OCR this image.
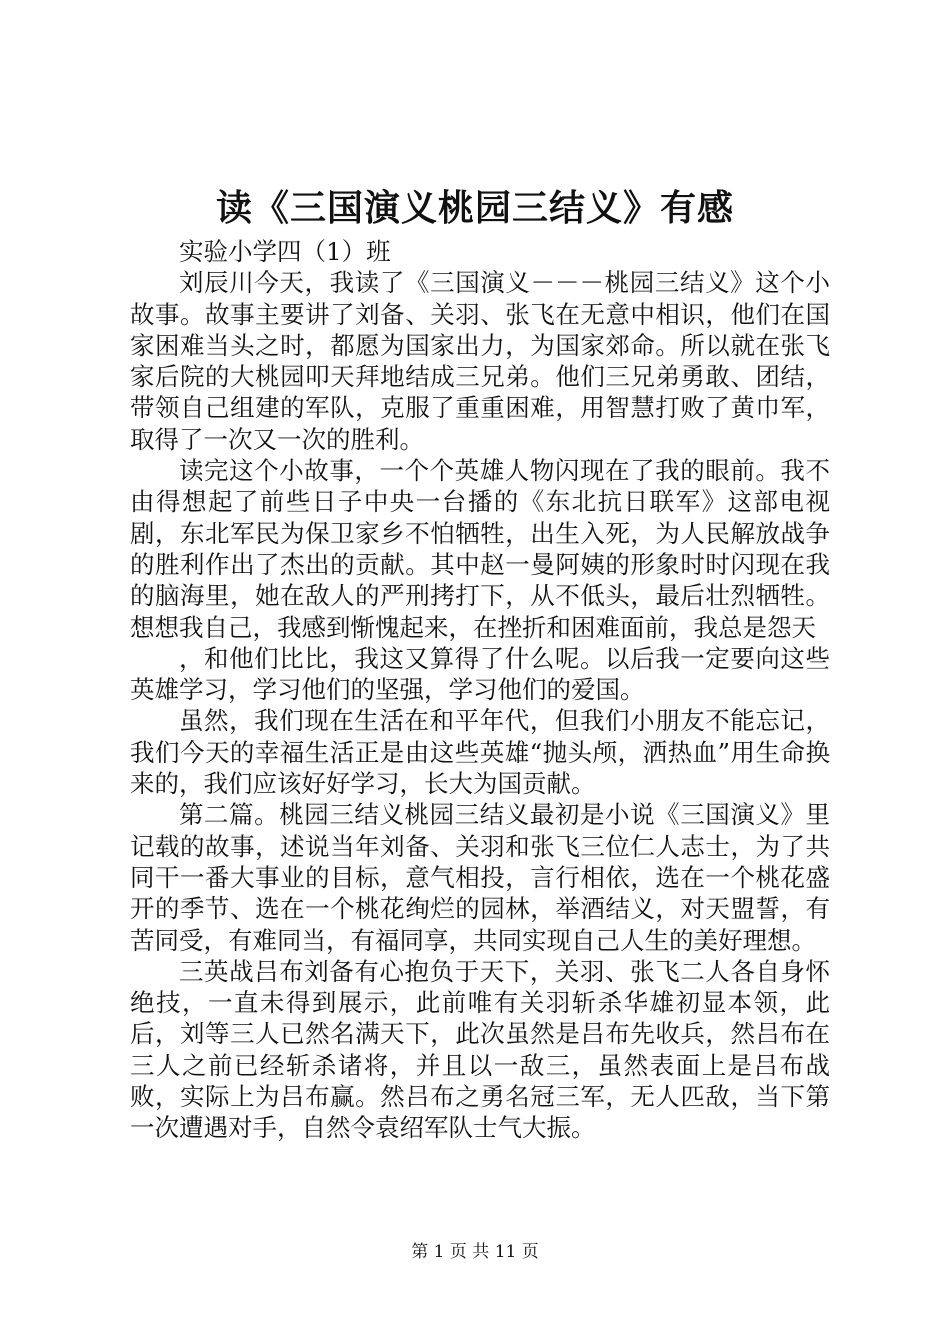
读《三国演义桃园三结义》有感

实验小学四（1）班

刘辰川今天，我读了《三国演义－－－桃园三结义》这个小故事。故事主要讲了刘备、关羽、张飞在无意中相识，他们在国家困难当头之时，都愿为国家出力，为国家郊命。所以就在张飞家后院的大桃园叩天拜地结成三兄弟。他们三兄弟勇敢、团结，带领自己组建的军队，克服了重重困难，用智慧打败了黄巾军，取得了一次又一次的胜利。

读完这个小故事，一个个英雄人物闪现在了我的眼前。我不由得想起了前些日子中央一台播的《东北抗日联军》这部电视剧，东北军民为保卫家乡不怕牺牲，出生入死，为人民解放战争的胜利作出了杰出的贡献。其中赵一曼阿姨的形象时时闪现在我的脑海里，她在敌人的严刑拷打下，从不低头，最后壮烈牺牲。想想我自己，我感到惭愧起来，在挫折和困难面前，我总是怨天

，和他们比比，我这又算得了什么呢。以后我一定要向这些英雄学习，学习他们的坚强，学习他们的爱国。

虽然，我们现在生活在和平年代，但我们小朋友不能忘记，我们今天的幸福生活正是由这些英雄“抛头颅，洒热血”用生命换来的，我们应该好好学习，长大为国贡献。

第二篇。桃园三结义桃园三结义最初是小说《三国演义》里记载的故事，述说当年刘备、关羽和张飞三位仁人志士，为了共同干一番大事业的目标，意气相投，言行相依，选在一个桃花盛开的季节、选在一个桃花绚烂的园林，举酒结义，对天盟誓，有苦同受，有难同当，有福同享，共同实现自己人生的美好理想。

三英战吕布刘备有心抱负于天下，关羽、张飞二人各自身怀绝技，一直未得到展示，此前唯有关羽斩杀华雄初显本领，此后，刘等三人已然名满天下，此次虽然是吕布先收兵，然吕布在三人之前已经斩杀诸将，并且以一敌三，虽然表面上是吕布战败，实际上为吕布赢。然吕布之勇名冠三军，无人匹敌，当下第一次遭遇对手，自然令袁绍军队士气大振。

第 1 页 共 11 页
